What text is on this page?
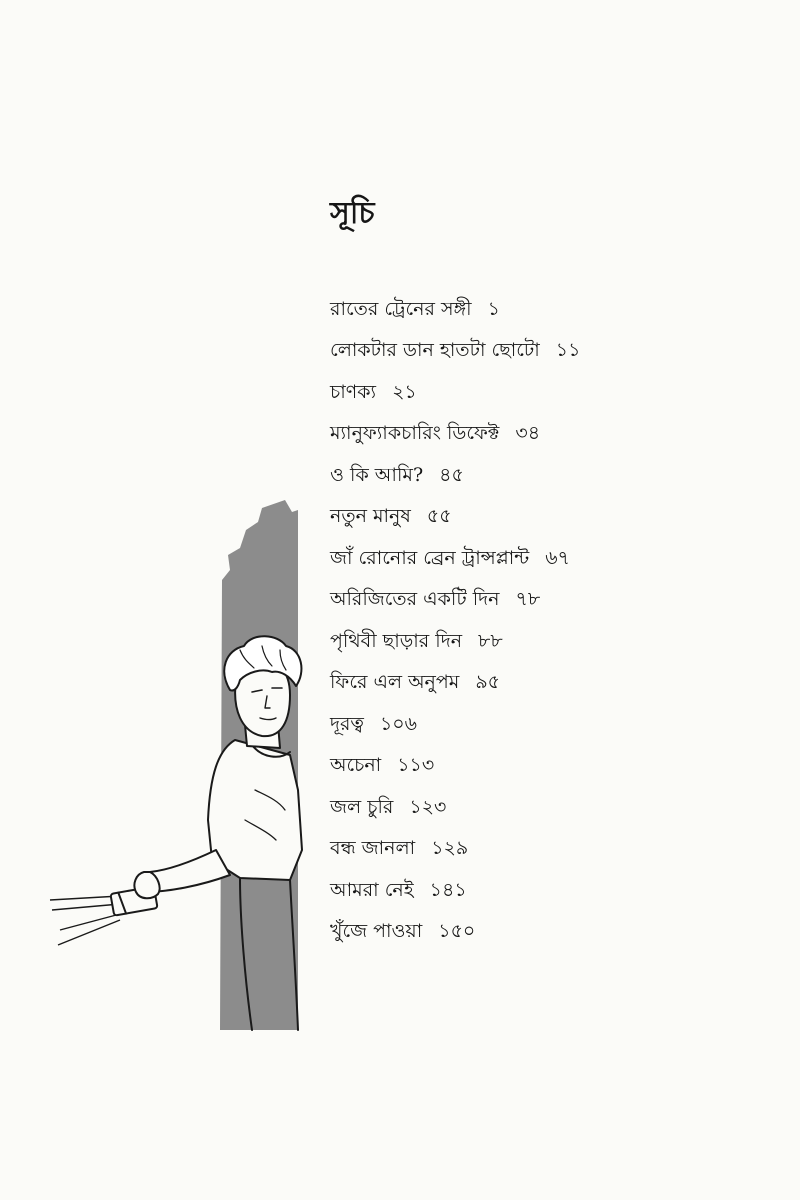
সূচি
রাতের ট্রেনের সঙ্গী ১
লোকটার ডান হাতটা ছোটো ১১
চাণক্য ২১
ম্যানুফ্যাকচারিং ডিফেক্ট ৩৪
ও কি আমি? ৪৫
নতুন মানুষ ৫৫
জাঁ রোনোর ব্রেন ট্রান্সপ্লান্ট ৬৭
অরিজিতের একটি দিন ৭৮
পৃথিবী ছাড়ার দিন ৮৮
ফিরে এল অনুপম ৯৫
দূরত্ব ১০৬
অচেনা ১১৩
জল চুরি ১২৩
বন্ধ জানলা ১২৯
আমরা নেই ১৪১
খুঁজে পাওয়া ১৫০
